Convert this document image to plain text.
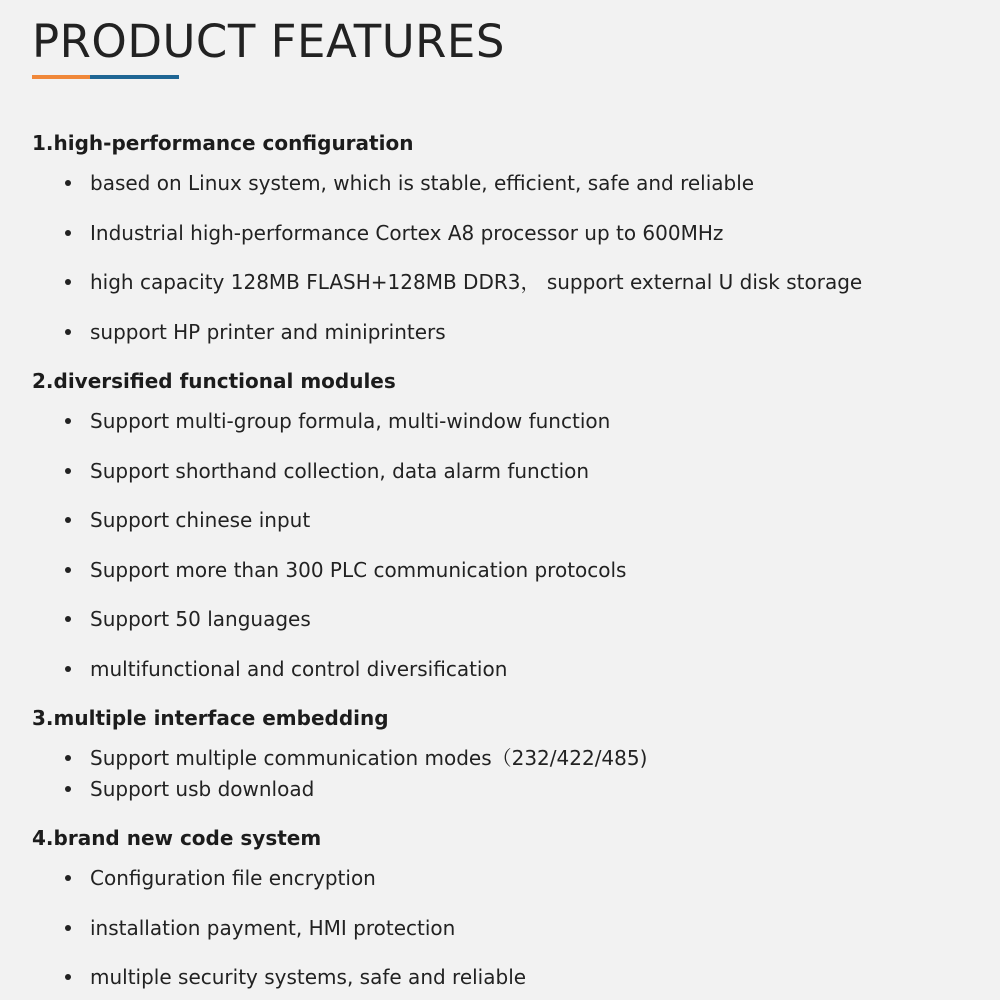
PRODUCT FEATURES
1.high-performance configuration
based on Linux system, which is stable, efficient, safe and reliable
Industrial high-performance Cortex A8 processor up to 600MHz
high capacity 128MB FLASH+128MB DDR3， support external U disk storage
support HP printer and miniprinters
2.diversified functional modules
Support multi-group formula, multi-window function
Support shorthand collection, data alarm function
Support chinese input
Support more than 300 PLC communication protocols
Support 50 languages
multifunctional and control diversification
3.multiple interface embedding
Support multiple communication modes（232/422/485)
Support usb download
4.brand new code system
Configuration file encryption
installation payment, HMI protection
multiple security systems, safe and reliable
